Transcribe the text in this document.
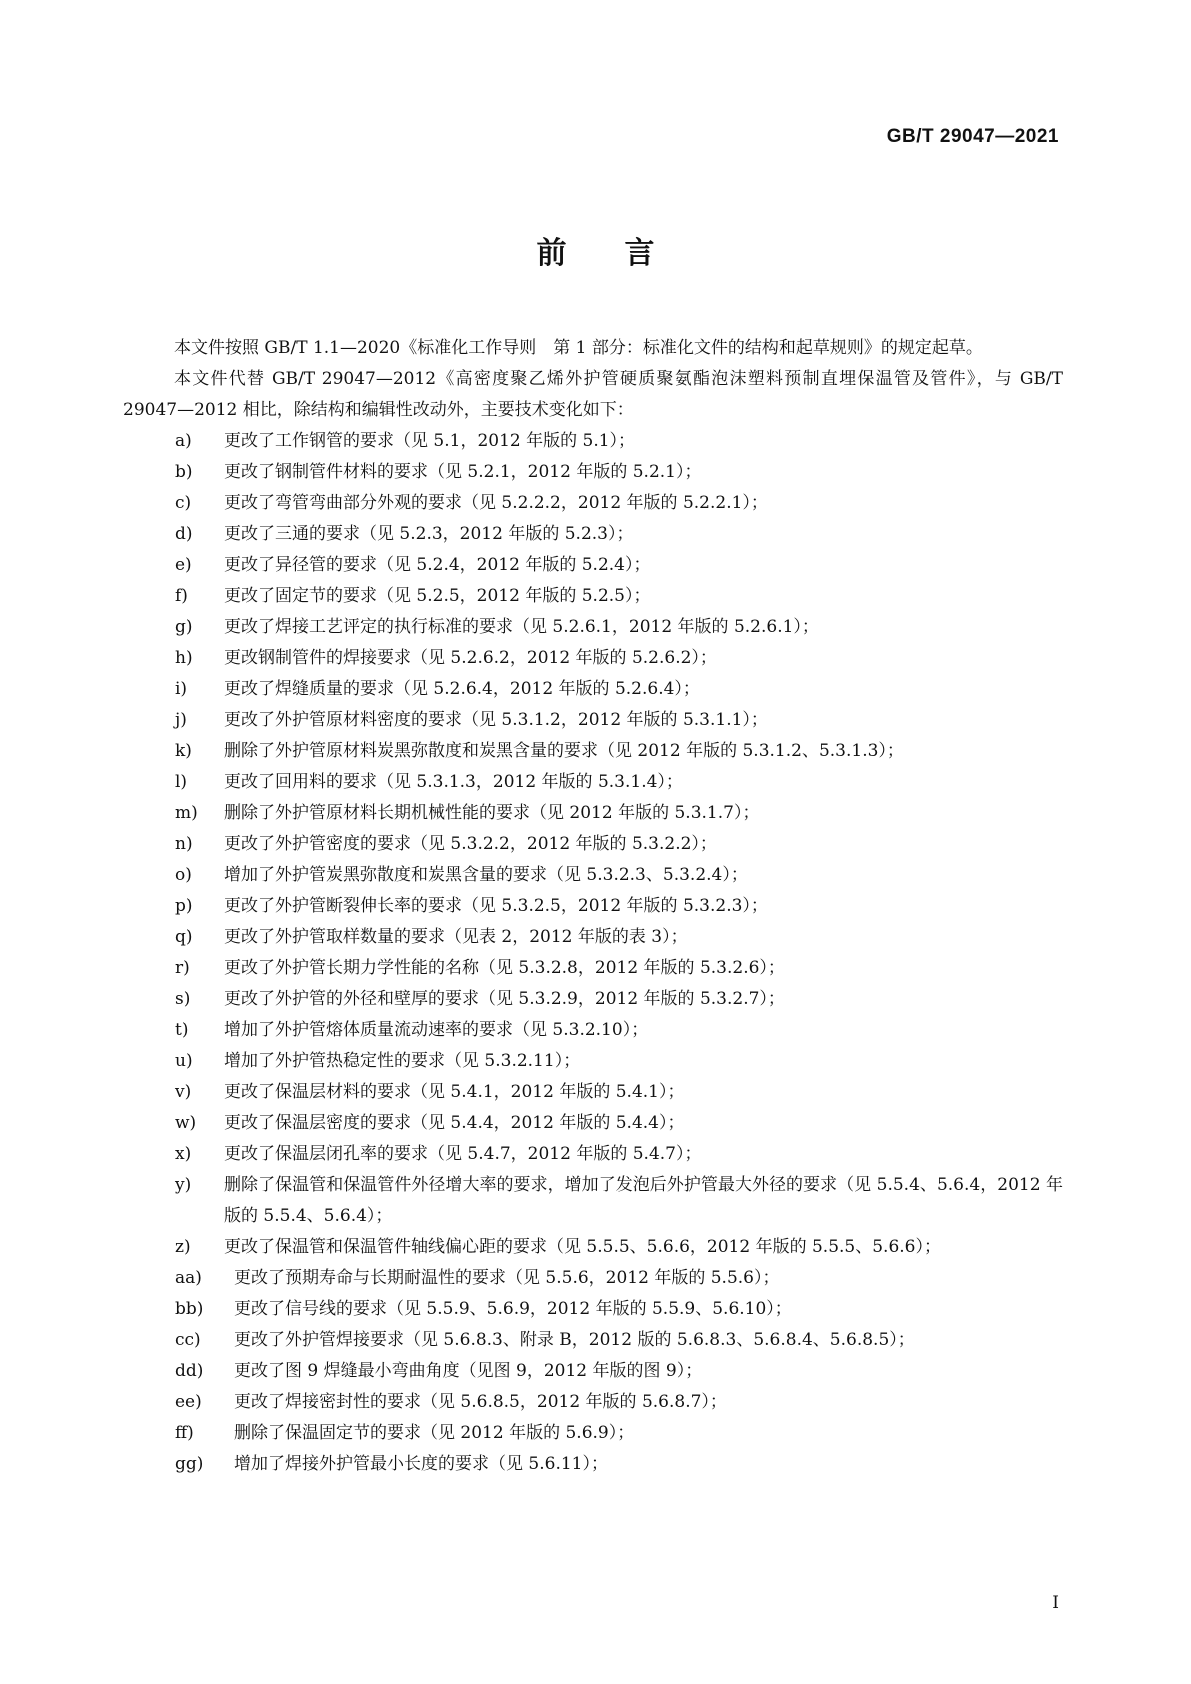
GB/T 29047—2021
前 言

本文件按照 GB/T 1.1—2020《标准化工作导则　第 1 部分：标准化文件的结构和起草规则》的规定起草。

本文件代替 GB/T 29047—2012《高密度聚乙烯外护管硬质聚氨酯泡沫塑料预制直埋保温管及管件》，与 GB/T 29047—2012 相比，除结构和编辑性改动外，主要技术变化如下：

a) 更改了工作钢管的要求（见 5.1，2012 年版的 5.1）；

b) 更改了钢制管件材料的要求（见 5.2.1，2012 年版的 5.2.1）；

c) 更改了弯管弯曲部分外观的要求（见 5.2.2.2，2012 年版的 5.2.2.1）；

d) 更改了三通的要求（见 5.2.3，2012 年版的 5.2.3）；

e) 更改了异径管的要求（见 5.2.4，2012 年版的 5.2.4）；

f) 更改了固定节的要求（见 5.2.5，2012 年版的 5.2.5）；

g) 更改了焊接工艺评定的执行标准的要求（见 5.2.6.1，2012 年版的 5.2.6.1）；

h) 更改钢制管件的焊接要求（见 5.2.6.2，2012 年版的 5.2.6.2）；

i) 更改了焊缝质量的要求（见 5.2.6.4，2012 年版的 5.2.6.4）；

j) 更改了外护管原材料密度的要求（见 5.3.1.2，2012 年版的 5.3.1.1）；

k) 删除了外护管原材料炭黑弥散度和炭黑含量的要求（见 2012 年版的 5.3.1.2、5.3.1.3）；

l) 更改了回用料的要求（见 5.3.1.3，2012 年版的 5.3.1.4）；

m) 删除了外护管原材料长期机械性能的要求（见 2012 年版的 5.3.1.7）；

n) 更改了外护管密度的要求（见 5.3.2.2，2012 年版的 5.3.2.2）；

o) 增加了外护管炭黑弥散度和炭黑含量的要求（见 5.3.2.3、5.3.2.4）；

p) 更改了外护管断裂伸长率的要求（见 5.3.2.5，2012 年版的 5.3.2.3）；

q) 更改了外护管取样数量的要求（见表 2，2012 年版的表 3）；

r) 更改了外护管长期力学性能的名称（见 5.3.2.8，2012 年版的 5.3.2.6）；

s) 更改了外护管的外径和壁厚的要求（见 5.3.2.9，2012 年版的 5.3.2.7）；

t) 增加了外护管熔体质量流动速率的要求（见 5.3.2.10）；

u) 增加了外护管热稳定性的要求（见 5.3.2.11）；

v) 更改了保温层材料的要求（见 5.4.1，2012 年版的 5.4.1）；

w) 更改了保温层密度的要求（见 5.4.4，2012 年版的 5.4.4）；

x) 更改了保温层闭孔率的要求（见 5.4.7，2012 年版的 5.4.7）；

y) 删除了保温管和保温管件外径增大率的要求，增加了发泡后外护管最大外径的要求（见 5.5.4、5.6.4，2012 年版的 5.5.4、5.6.4）；

z) 更改了保温管和保温管件轴线偏心距的要求（见 5.5.5、5.6.6，2012 年版的 5.5.5、5.6.6）；

aa) 更改了预期寿命与长期耐温性的要求（见 5.5.6，2012 年版的 5.5.6）；

bb) 更改了信号线的要求（见 5.5.9、5.6.9，2012 年版的 5.5.9、5.6.10）；

cc) 更改了外护管焊接要求（见 5.6.8.3、附录 B，2012 版的 5.6.8.3、5.6.8.4、5.6.8.5）；

dd) 更改了图 9 焊缝最小弯曲角度（见图 9，2012 年版的图 9）；

ee) 更改了焊接密封性的要求（见 5.6.8.5，2012 年版的 5.6.8.7）；

ff) 删除了保温固定节的要求（见 2012 年版的 5.6.9）；

gg) 增加了焊接外护管最小长度的要求（见 5.6.11）；

I
